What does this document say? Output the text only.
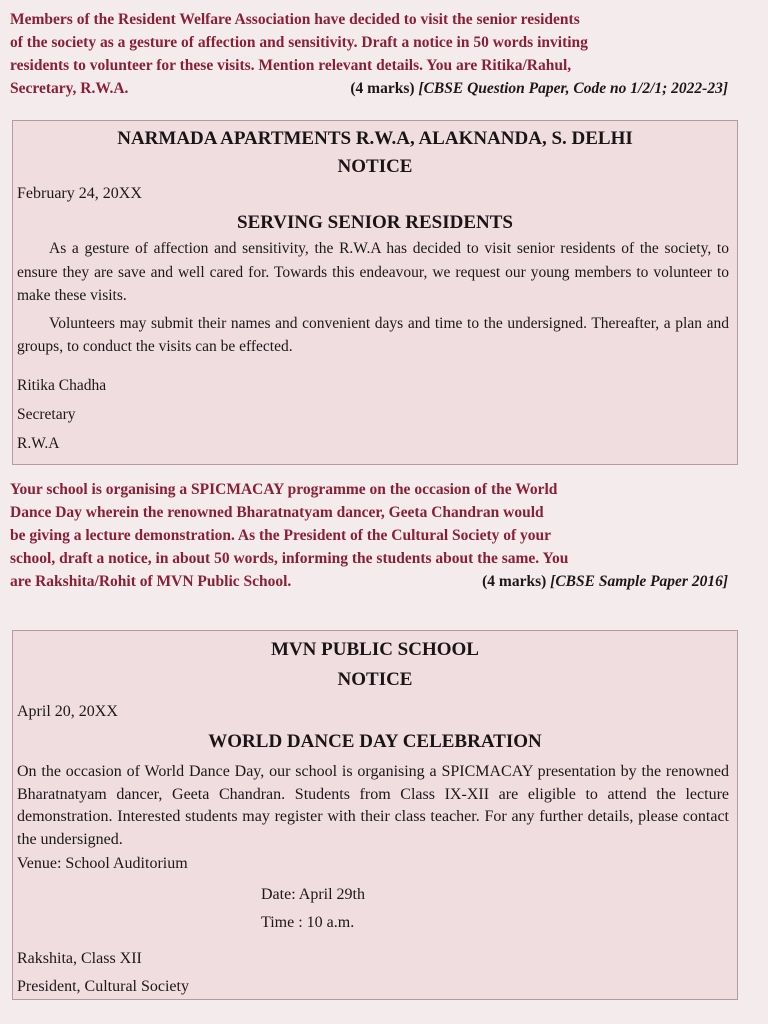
Members of the Resident Welfare Association have decided to visit the senior residents
of the society as a gesture of affection and sensitivity. Draft a notice in 50 words inviting
residents to volunteer for these visits. Mention relevant details. You are Ritika/Rahul,
Secretary, R.W.A.	(4 marks) [CBSE Question Paper, Code no 1/2/1; 2022-23]
NARMADA APARTMENTS R.W.A, ALAKNANDA, S. DELHI
NOTICE
February 24, 20XX
SERVING SENIOR RESIDENTS
As a gesture of affection and sensitivity, the R.W.A has decided to visit senior residents of the society, to ensure they are save and well cared for. Towards this endeavour, we request our young members to volunteer to make these visits.
Volunteers may submit their names and convenient days and time to the undersigned. Thereafter, a plan and groups, to conduct the visits can be effected.
Ritika Chadha
Secretary
R.W.A
Your school is organising a SPICMACAY programme on the occasion of the World
Dance Day wherein the renowned Bharatnatyam dancer, Geeta Chandran would
be giving a lecture demonstration. As the President of the Cultural Society of your
school, draft a notice, in about 50 words, informing the students about the same. You
are Rakshita/Rohit of MVN Public School.	(4 marks) [CBSE Sample Paper 2016]
MVN PUBLIC SCHOOL
NOTICE
April 20, 20XX
WORLD DANCE DAY CELEBRATION
On the occasion of World Dance Day, our school is organising a SPICMACAY presentation by the renowned Bharatnatyam dancer, Geeta Chandran. Students from Class IX-XII are eligible to attend the lecture demonstration. Interested students may register with their class teacher. For any further details, please contact the undersigned.
Venue: School Auditorium
Date: April 29th
Time : 10 a.m.
Rakshita, Class XII
President, Cultural Society
